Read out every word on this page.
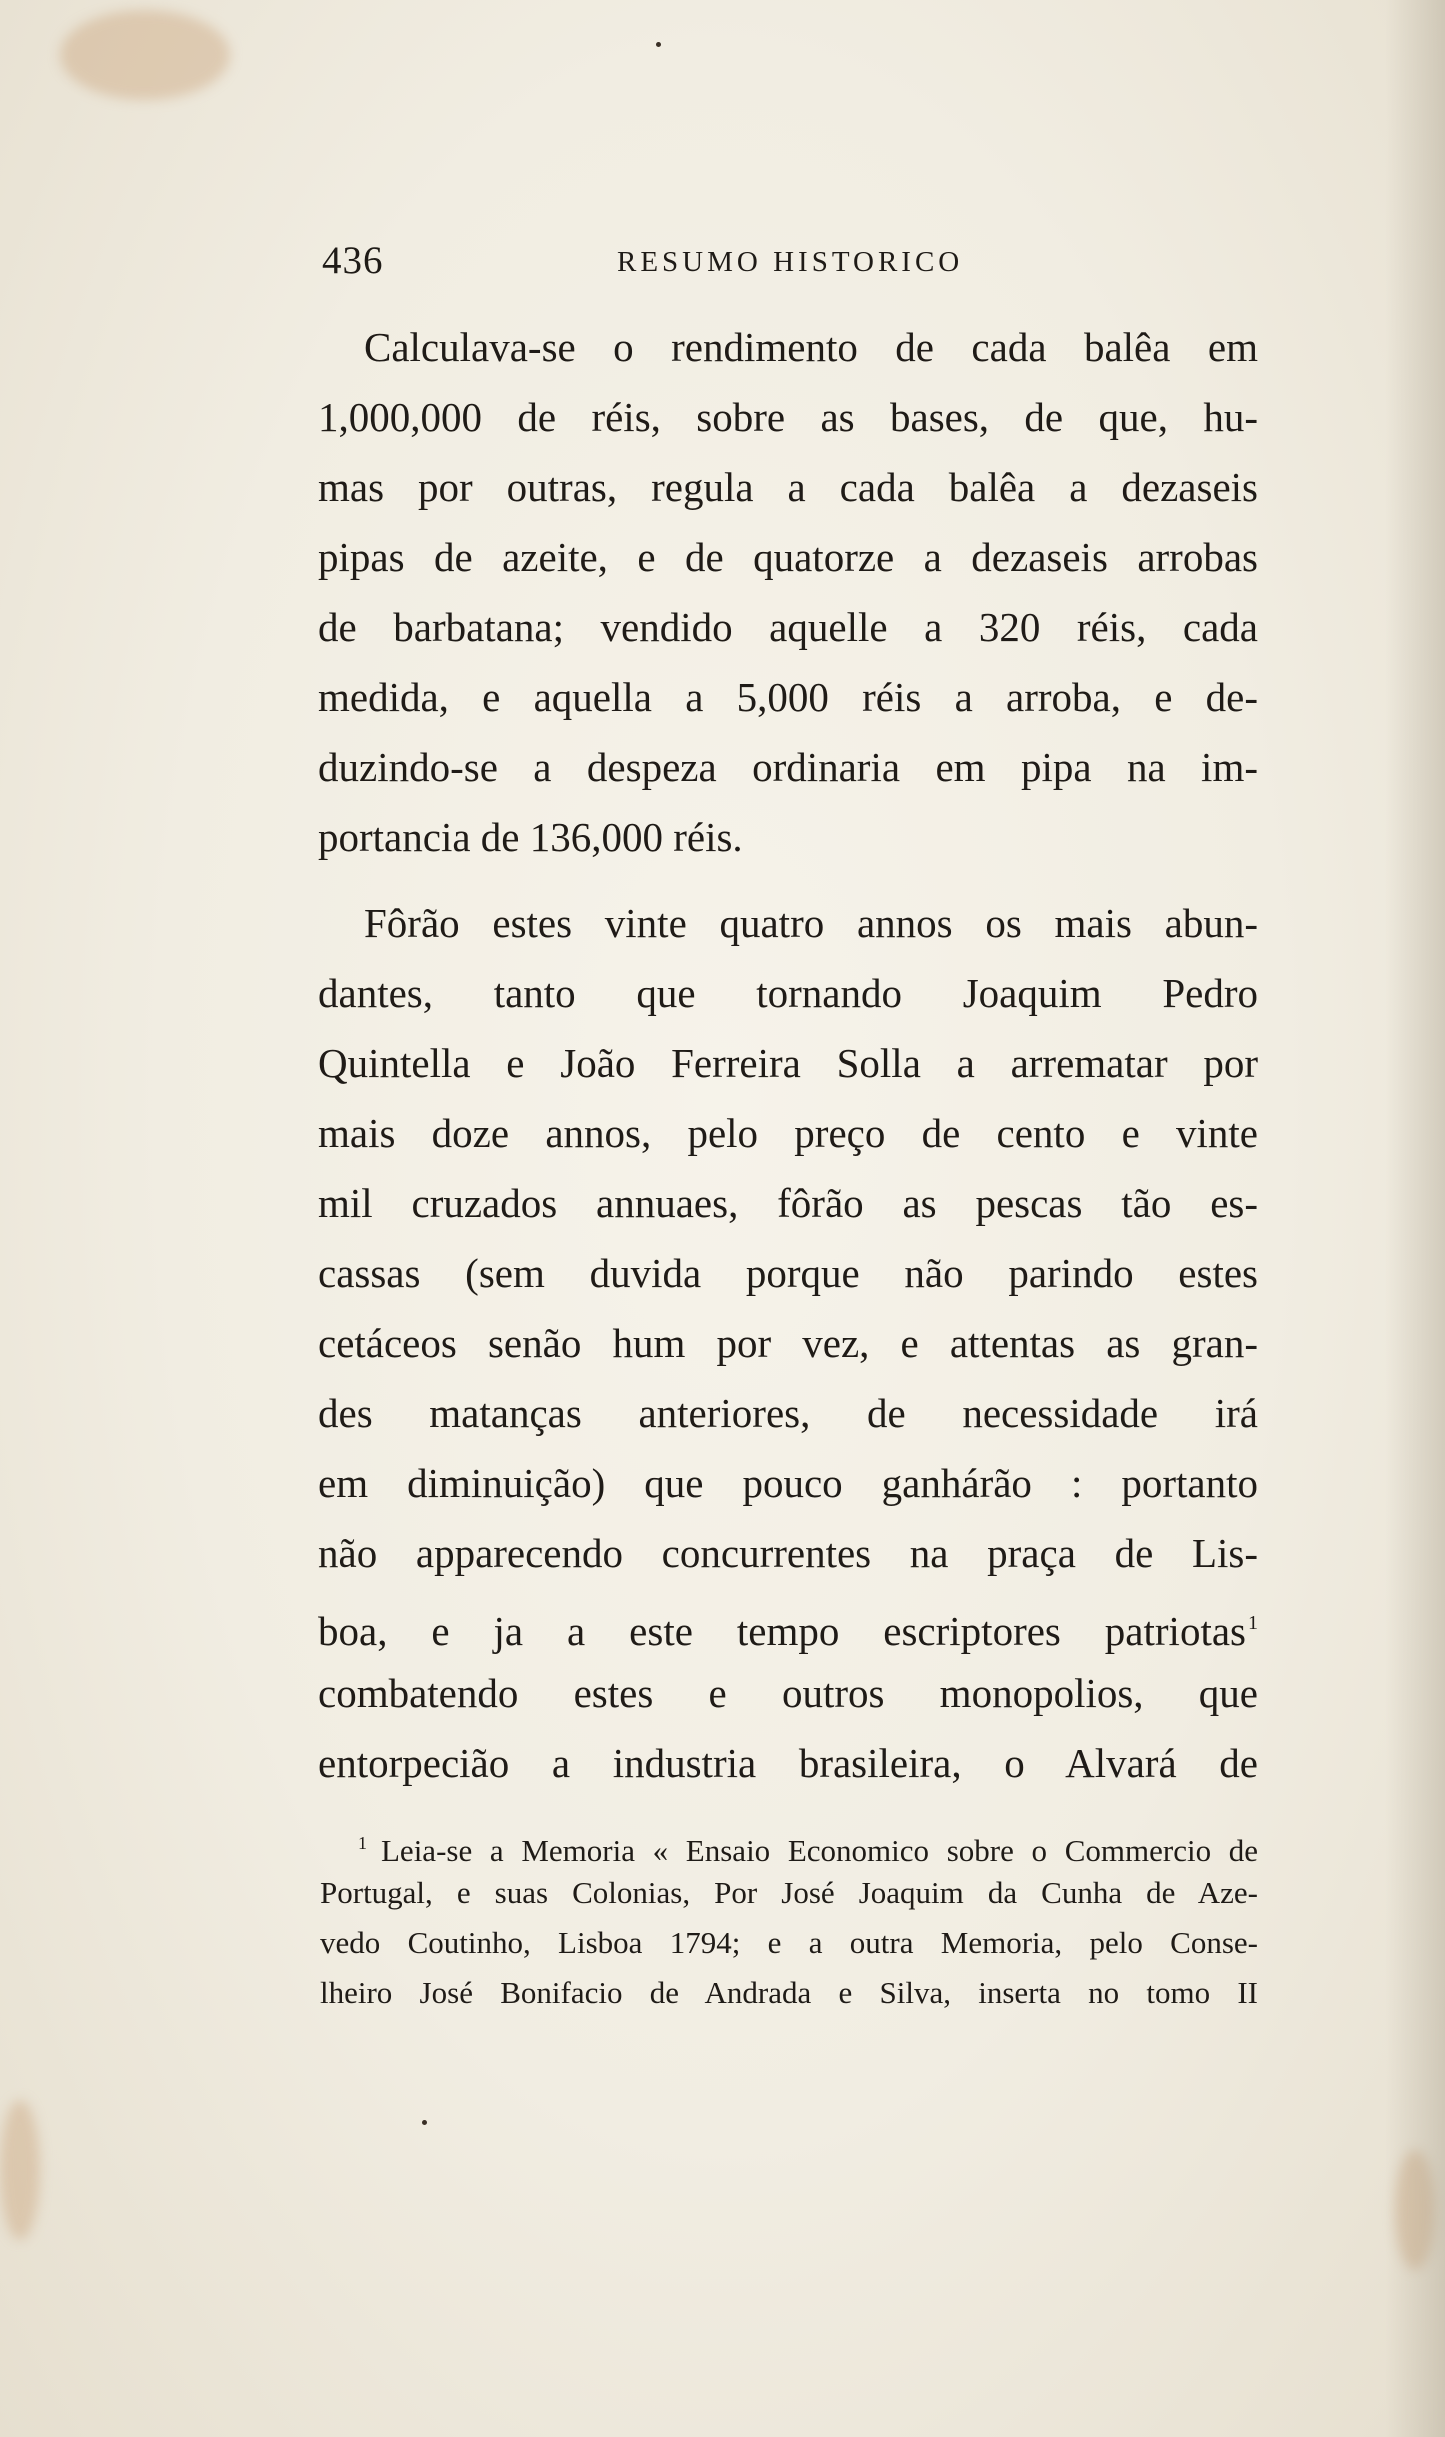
436	RESUMO HISTORICO
Calculava-se o rendimento de cada balêa em
1,000,000 de réis, sobre as bases, de que, hu-
mas por outras, regula a cada balêa a dezaseis
pipas de azeite, e de quatorze a dezaseis arrobas
de barbatana; vendido aquelle a 320 réis, cada
medida, e aquella a 5,000 réis a arroba, e de-
duzindo-se a despeza ordinaria em pipa na im-
portancia de 136,000 réis.
Fôrão estes vinte quatro annos os mais abun-
dantes, tanto que tornando Joaquim Pedro
Quintella e João Ferreira Solla a arrematar por
mais doze annos, pelo preço de cento e vinte
mil cruzados annuaes, fôrão as pescas tão es-
cassas (sem duvida porque não parindo estes
cetáceos senão hum por vez, e attentas as gran-
des matanças anteriores, de necessidade irá
em diminuição) que pouco ganhárão : portanto
não apparecendo concurrentes na praça de Lis-
boa, e ja a este tempo escriptores patriotas $^1$
combatendo estes e outros monopolios, que
entorpecião a industria brasileira, o Alvará de
$^1$ Leia-se a Memoria « Ensaio Economico sobre o Commercio de
Portugal, e suas Colonias, Por José Joaquim da Cunha de Aze-
vedo Coutinho, Lisboa 1794; e a outra Memoria, pelo Conse-
lheiro José Bonifacio de Andrada e Silva, inserta no tomo II
